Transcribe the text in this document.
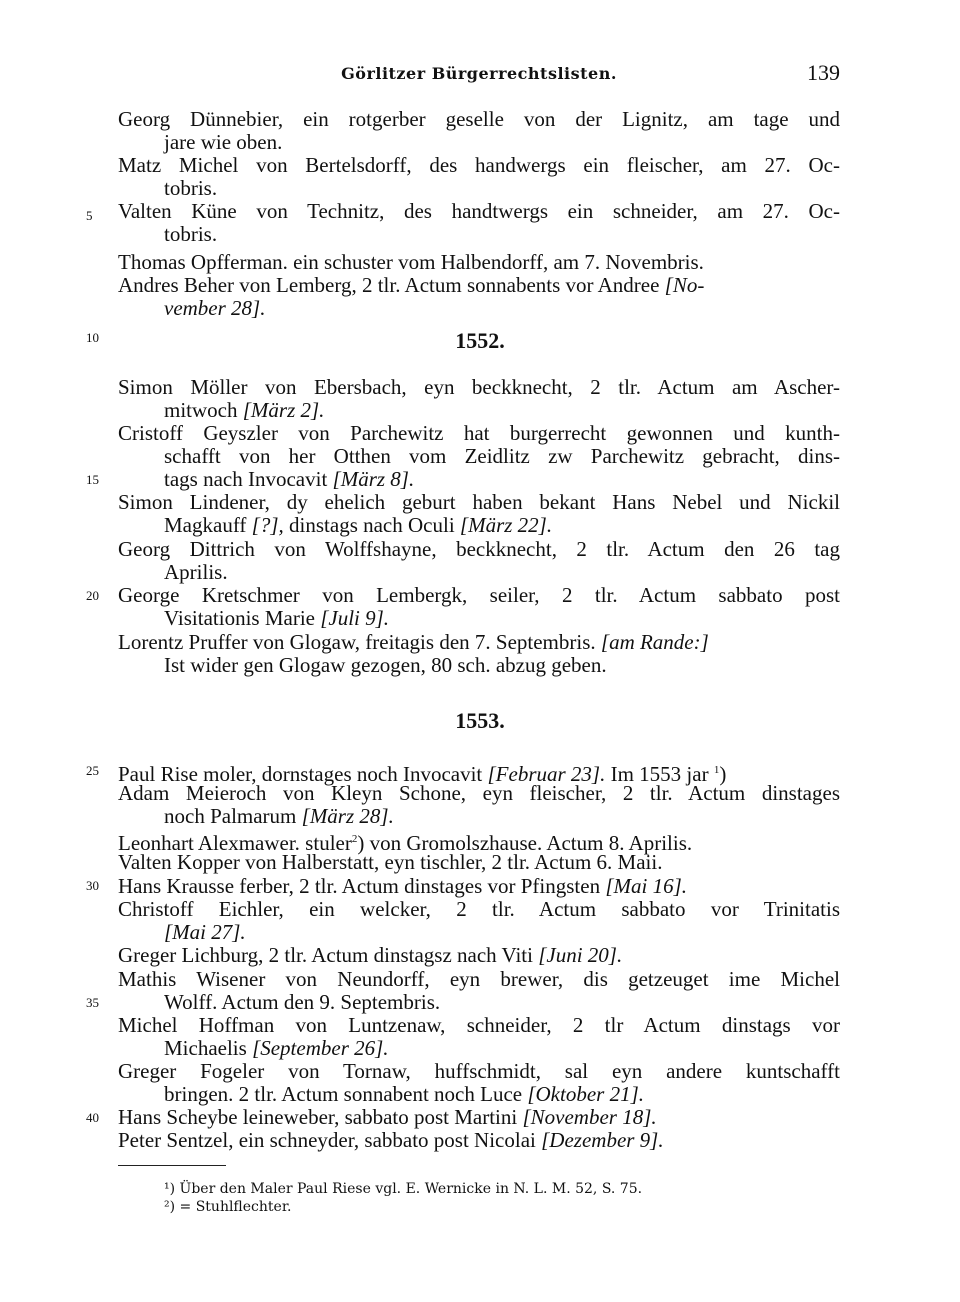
Görlitzer Bürgerrechtslisten.	139
5
10
15
20
25
30
35
40
Georg Dünnebier, ein rotgerber geselle von der Lignitz, am tage und
jare wie oben.
Matz Michel von Bertelsdorff, des handwergs ein fleischer, am 27. Oc-
tobris.
Valten Küne von Technitz, des handtwergs ein schneider, am 27. Oc-
tobris.
Thomas Opfferman. ein schuster vom Halbendorff, am 7. Novembris.
Andres Beher von Lemberg, 2 tlr. Actum sonnabents vor Andree [No-
vember 28].
1552.
Simon Möller von Ebersbach, eyn beckknecht, 2 tlr. Actum am Ascher-
mitwoch [März 2].
Cristoff Geyszler von Parchewitz hat burgerrecht gewonnen und kunth-
schafft von her Otthen vom Zeidlitz zw Parchewitz gebracht, dins-
tags nach Invocavit [März 8].
Simon Lindener, dy ehelich geburt haben bekant Hans Nebel und Nickil
Magkauff [?], dinstags nach Oculi [März 22].
Georg Dittrich von Wolffshayne, beckknecht, 2 tlr. Actum den 26 tag
Aprilis.
George Kretschmer von Lembergk, seiler, 2 tlr. Actum sabbato post
Visitationis Marie [Juli 9].
Lorentz Pruffer von Glogaw, freitagis den 7. Septembris. [am Rande:]
Ist wider gen Glogaw gezogen, 80 sch. abzug geben.
1553.
Paul Rise moler, dornstages noch Invocavit [Februar 23]. Im 1553 jar $^1$)
Adam Meieroch von Kleyn Schone, eyn fleischer, 2 tlr. Actum dinstages
noch Palmarum [März 28].
Leonhart Alexmawer. stuler$^2$) von Gromolszhause. Actum 8. Aprilis.
Valten Kopper von Halberstatt, eyn tischler, 2 tlr. Actum 6. Maii.
Hans Krausse ferber, 2 tlr. Actum dinstages vor Pfingsten [Mai 16].
Christoff Eichler, ein welcker, 2 tlr. Actum sabbato vor Trinitatis
[Mai 27].
Greger Lichburg, 2 tlr. Actum dinstagsz nach Viti [Juni 20].
Mathis Wisener von Neundorff, eyn brewer, dis getzeuget ime Michel
Wolff. Actum den 9. Septembris.
Michel Hoffman von Luntzenaw, schneider, 2 tlr Actum dinstags vor
Michaelis [September 26].
Greger Fogeler von Tornaw, huffschmidt, sal eyn andere kuntschafft
bringen. 2 tlr. Actum sonnabent noch Luce [Oktober 21].
Hans Scheybe leineweber, sabbato post Martini [November 18].
Peter Sentzel, ein schneyder, sabbato post Nicolai [Dezember 9].
¹) Über den Maler Paul Riese vgl. E. Wernicke in N. L. M. 52, S. 75.
²) = Stuhlflechter.
